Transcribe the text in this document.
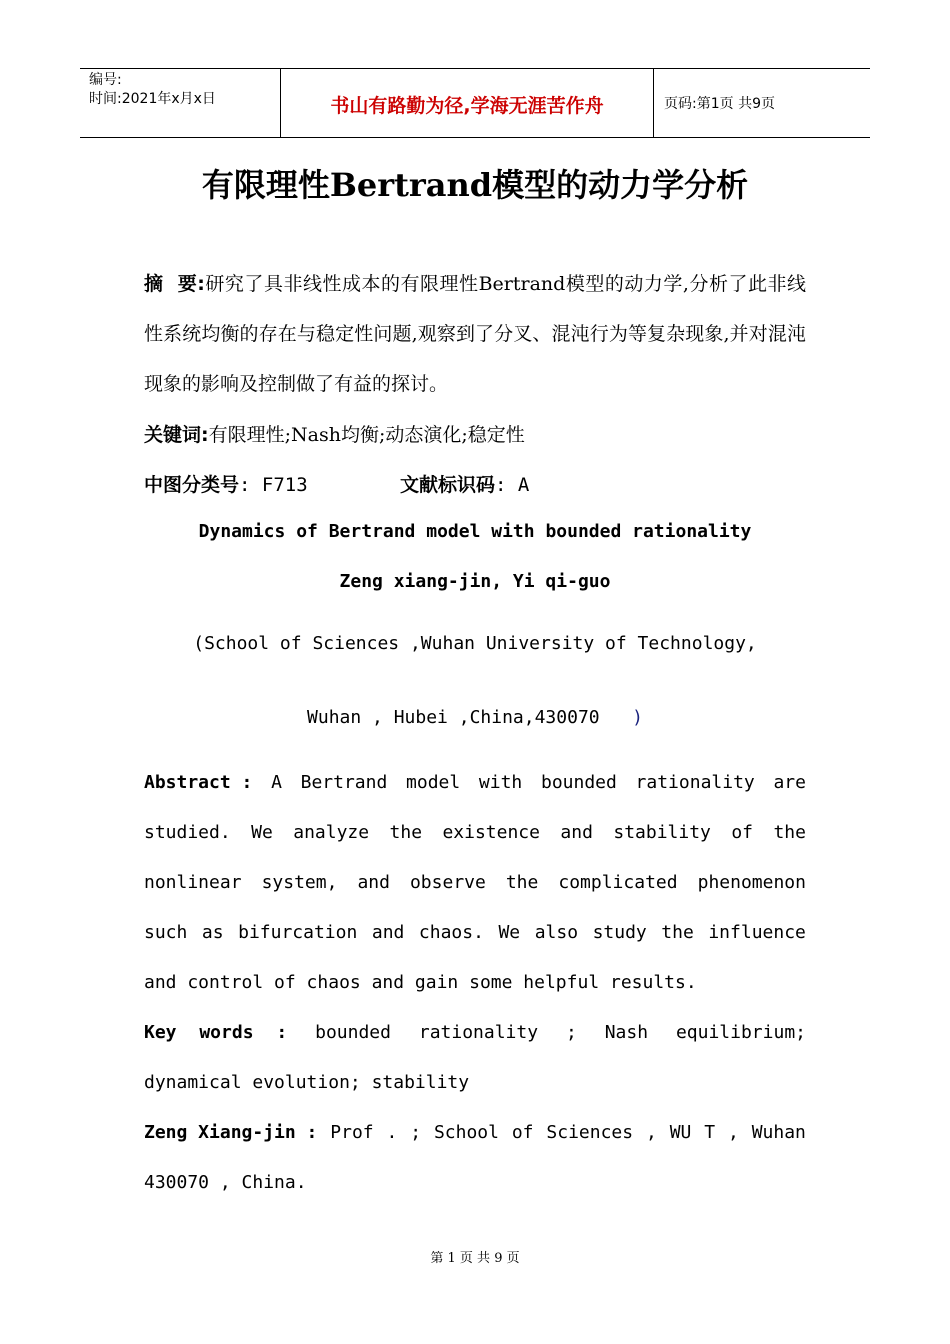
编号:
时间:2021年x月x日	书山有路勤为径,学海无涯苦作舟	页码:第1页 共9页
有限理性Bertrand模型的动力学分析
摘  要:研究了具非线性成本的有限理性Bertrand模型的动力学,分析了此非线性系统均衡的存在与稳定性问题,观察到了分叉、混沌行为等复杂现象,并对混沌现象的影响及控制做了有益的探讨。
关键词:有限理性;Nash均衡;动态演化;稳定性
中图分类号: F713	文献标识码: A
Dynamics of Bertrand model with bounded rationality
Zeng xiang-jin, Yi qi-guo
(School of Sciences ,Wuhan University of Technology,
Wuhan , Hubei ,China,430070 )
Abstract : A Bertrand model with bounded rationality are
studied. We analyze the existence and stability of the
nonlinear system, and observe the complicated phenomenon
such as bifurcation and chaos. We also study the influence
and control of chaos and gain some helpful results.
Key words : bounded rationality ; Nash equilibrium;
dynamical evolution; stability
Zeng Xiang-jin : Prof . ; School of Sciences , WU T , Wuhan
430070 , China.
第 1 页 共 9 页
